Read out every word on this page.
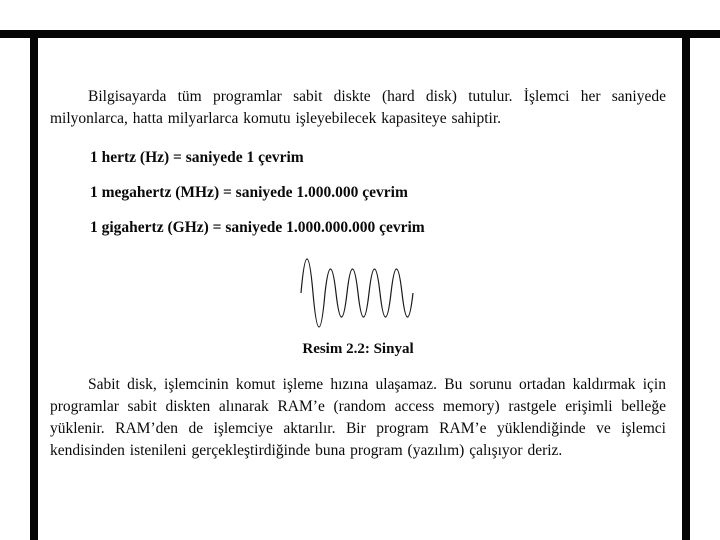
Bilgisayarda tüm programlar sabit diskte (hard disk) tutulur. İşlemci her saniyede milyonlarca, hatta milyarlarca komutu işleyebilecek kapasiteye sahiptir.

1 hertz (Hz) = saniyede 1 çevrim

1 megahertz (MHz) = saniyede 1.000.000 çevrim

1 gigahertz (GHz) = saniyede 1.000.000.000 çevrim

Resim 2.2: Sinyal

Sabit disk, işlemcinin komut işleme hızına ulaşamaz. Bu sorunu ortadan kaldırmak için programlar sabit diskten alınarak RAM’e (random access memory) rastgele erişimli belleğe yüklenir. RAM’den de işlemciye aktarılır. Bir program RAM’e yüklendiğinde ve işlemci kendisinden istenileni gerçekleştirdiğinde buna program (yazılım) çalışıyor deriz.
